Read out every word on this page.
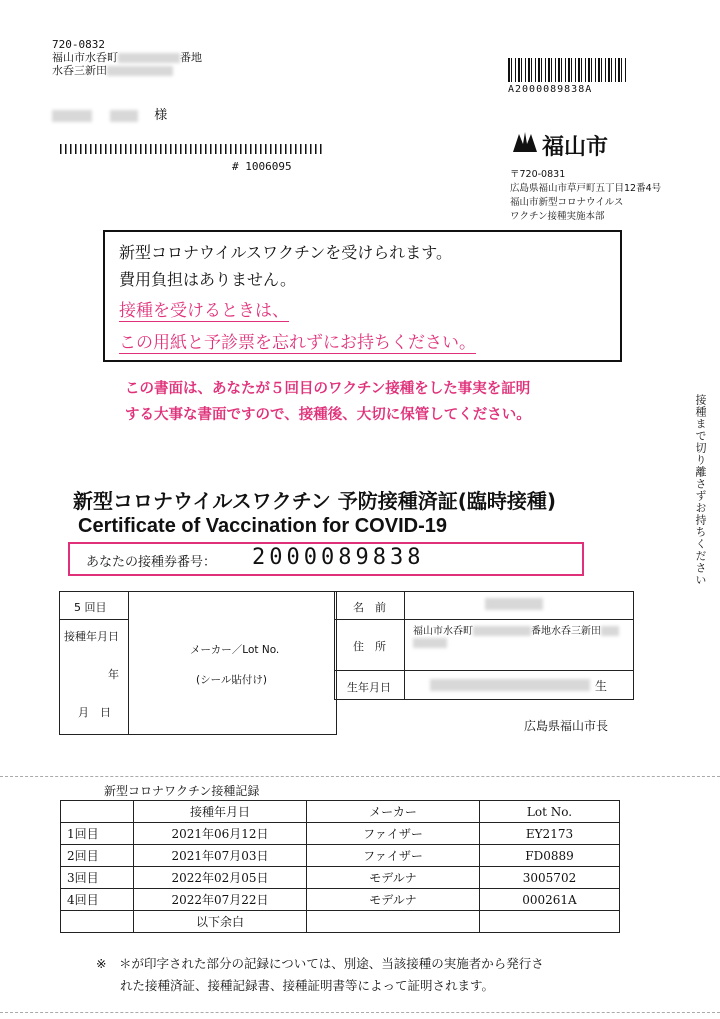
720-0832
福山市水呑町	番地
水呑三新田
様
# 1006095
A2000089838A
福山市
〒720-0831
広島県福山市草戸町五丁目12番4号
福山市新型コロナウイルス
ワクチン接種実施本部
新型コロナウイルスワクチンを受けられます。
費用負担はありません。
接種を受けるときは、
この用紙と予診票を忘れずにお持ちください。
この書面は、あなたが５回目のワクチン接種をした事実を証明
する大事な書面ですので、接種後、大切に保管してください。	接種まで切り離さずお持ちください
新型コロナウイルスワクチン 予防接種済証(臨時接種)
Certificate of Vaccination for COVID-19
あなたの接種券番号： 2000089838
5 回目
接種年月日
年
月　日
メーカー／Lot No.
(シール貼付け)
名　前
住　所
福山市水呑町	番地水呑三新田
生年月日	生
広島県福山市長
新型コロナワクチン接種記録
	接種年月日	メーカー	Lot No.
1回目	2021年06月12日	ファイザー	EY2173
2回目	2021年07月03日	ファイザー	FD0889
3回目	2022年02月05日	モデルナ	3005702
4回目	2022年07月22日	モデルナ	000261A
	以下余白		
※　 ＊が印字された部分の記録については、別途、当該接種の実施者から発行さ
れた接種済証、接種記録書、接種証明書等によって証明されます。
